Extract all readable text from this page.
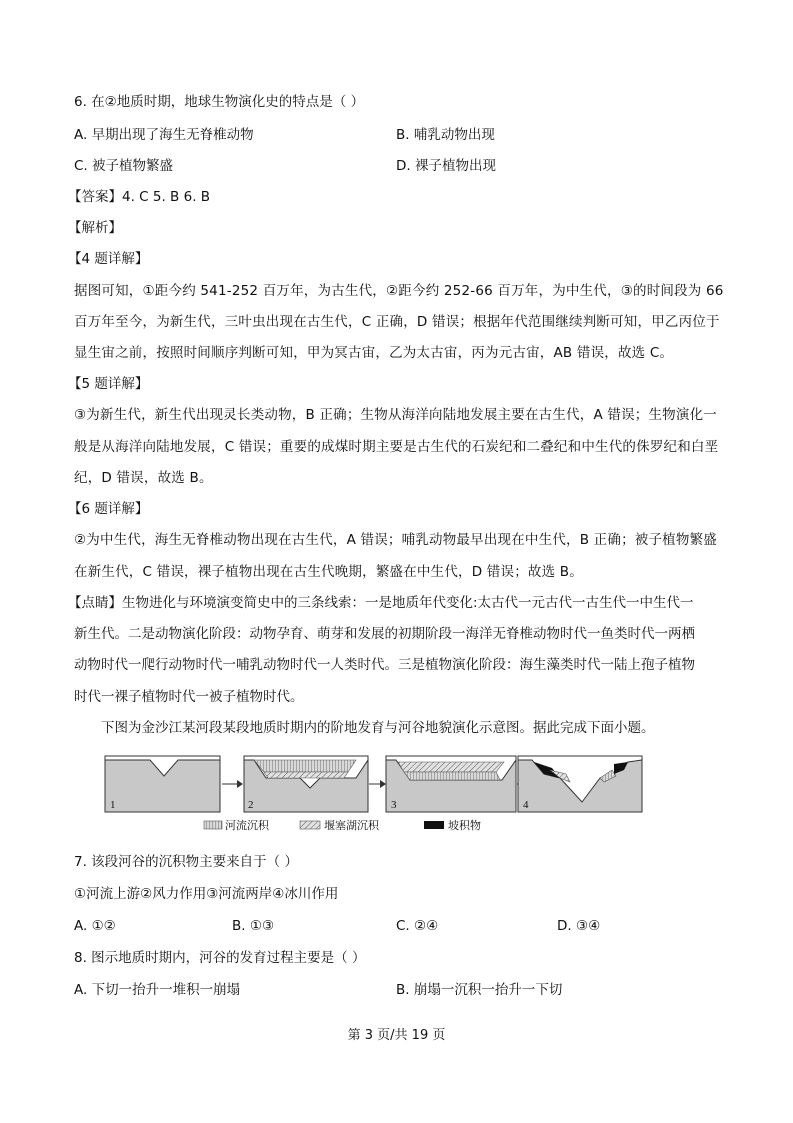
6. 在②地质时期，地球生物演化史的特点是（ ）
A. 早期出现了海生无脊椎动物	B. 哺乳动物出现
C. 被子植物繁盛	D. 裸子植物出现
【答案】4. C 5. B 6. B
【解析】
【4 题详解】
据图可知，①距今约 541-252 百万年，为古生代，②距今约 252-66 百万年，为中生代，③的时间段为 66
百万年至今，为新生代，三叶虫出现在古生代，C 正确，D 错误；根据年代范围继续判断可知，甲乙丙位于
显生宙之前，按照时间顺序判断可知，甲为冥古宙，乙为太古宙，丙为元古宙，AB 错误，故选 C。
【5 题详解】
③为新生代，新生代出现灵长类动物，B 正确；生物从海洋向陆地发展主要在古生代，A 错误；生物演化一
般是从海洋向陆地发展，C 错误；重要的成煤时期主要是古生代的石炭纪和二叠纪和中生代的侏罗纪和白垩
纪，D 错误，故选 B。
【6 题详解】
②为中生代，海生无脊椎动物出现在古生代，A 错误；哺乳动物最早出现在中生代，B 正确；被子植物繁盛
在新生代，C 错误，裸子植物出现在古生代晚期，繁盛在中生代，D 错误；故选 B。
【点睛】生物进化与环境演变简史中的三条线索：一是地质年代变化:太古代一元古代一古生代一中生代一
新生代。二是动物演化阶段：动物孕育、萌芽和发展的初期阶段一海洋无脊椎动物时代一鱼类时代一两栖
动物时代一爬行动物时代一哺乳动物时代一人类时代。三是植物演化阶段：海生藻类时代一陆上孢子植物
时代一裸子植物时代一被子植物时代。
下图为金沙江某河段某段地质时期内的阶地发育与河谷地貌演化示意图。据此完成下面小题。
1	2	3	4
河流沉积	堰塞湖沉积	坡积物
7. 该段河谷的沉积物主要来自于（ ）
①河流上游②风力作用③河流两岸④冰川作用
A. ①②	B. ①③	C. ②④	D. ③④
8. 图示地质时期内，河谷的发育过程主要是（ ）
A. 下切一抬升一堆积一崩塌	B. 崩塌一沉积一抬升一下切
第 3 页/共 19 页
